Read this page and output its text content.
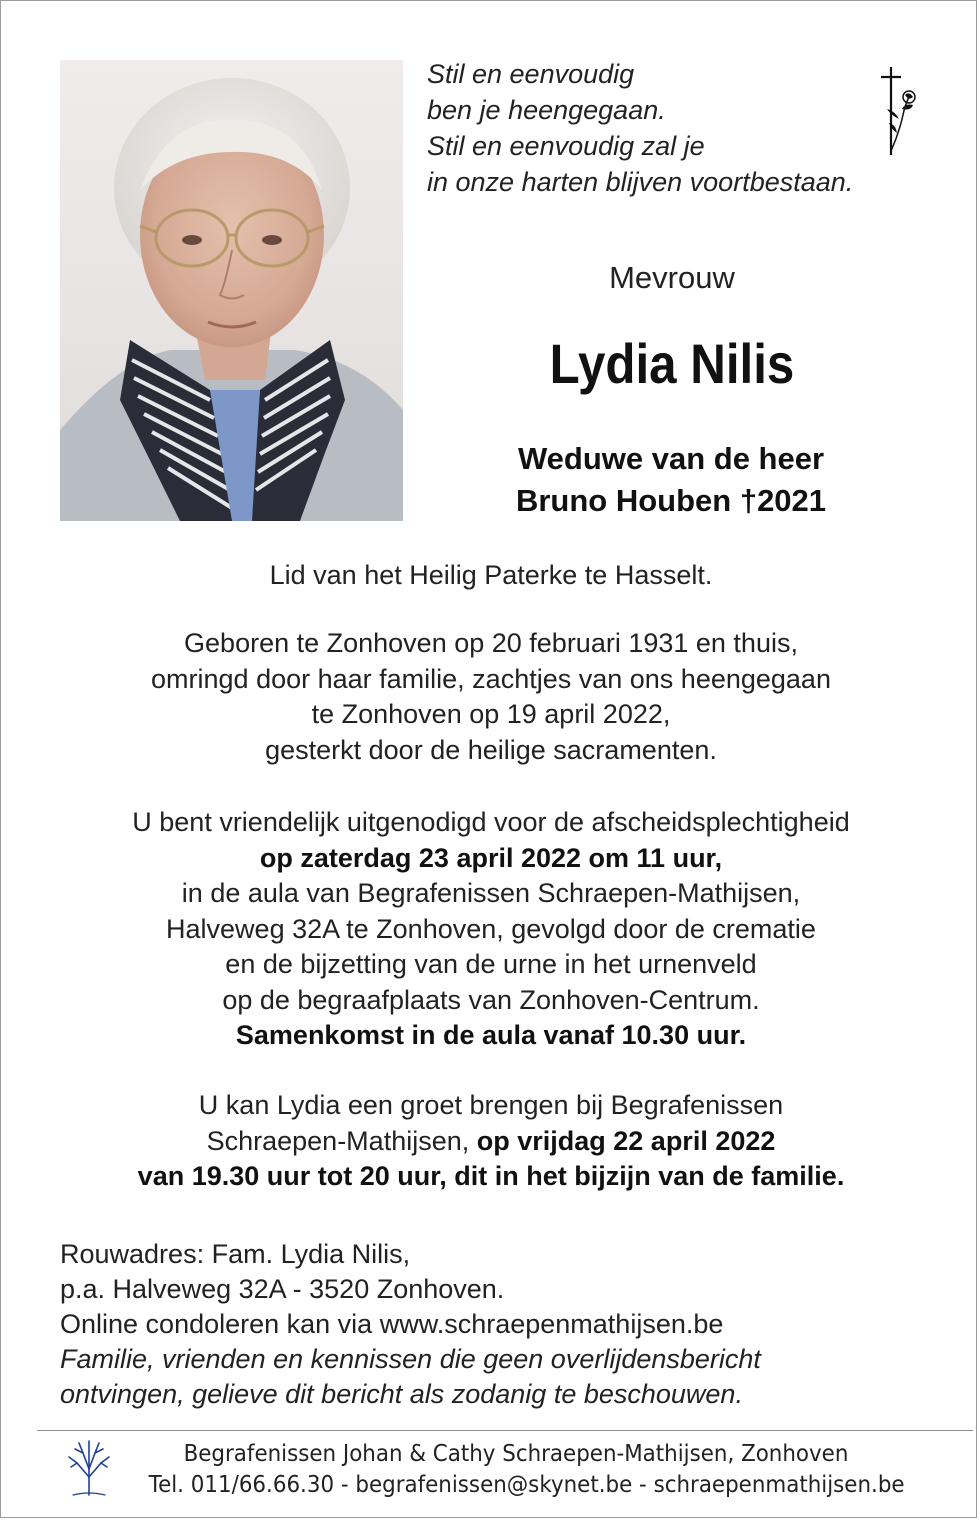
Stil en eenvoudig
ben je heengegaan.
Stil en eenvoudig zal je
in onze harten blijven voortbestaan.
Mevrouw
Lydia Nilis
Weduwe van de heer
Bruno Houben †2021
Lid van het Heilig Paterke te Hasselt.
Geboren te Zonhoven op 20 februari 1931 en thuis,
omringd door haar familie, zachtjes van ons heengegaan
te Zonhoven op 19 april 2022,
gesterkt door de heilige sacramenten.
U bent vriendelijk uitgenodigd voor de afscheidsplechtigheid
op zaterdag 23 april 2022 om 11 uur,
in de aula van Begrafenissen Schraepen-Mathijsen,
Halveweg 32A te Zonhoven, gevolgd door de crematie
en de bijzetting van de urne in het urnenveld
op de begraafplaats van Zonhoven-Centrum.
Samenkomst in de aula vanaf 10.30 uur.
U kan Lydia een groet brengen bij Begrafenissen
Schraepen-Mathijsen, op vrijdag 22 april 2022
van 19.30 uur tot 20 uur, dit in het bijzijn van de familie.
Rouwadres: Fam. Lydia Nilis,
p.a. Halveweg 32A - 3520 Zonhoven.
Online condoleren kan via www.schraepenmathijsen.be
Familie, vrienden en kennissen die geen overlijdensbericht
ontvingen, gelieve dit bericht als zodanig te beschouwen.
Begrafenissen Johan & Cathy Schraepen-Mathijsen, Zonhoven
Tel. 011/66.66.30 - begrafenissen@skynet.be - schraepenmathijsen.be
